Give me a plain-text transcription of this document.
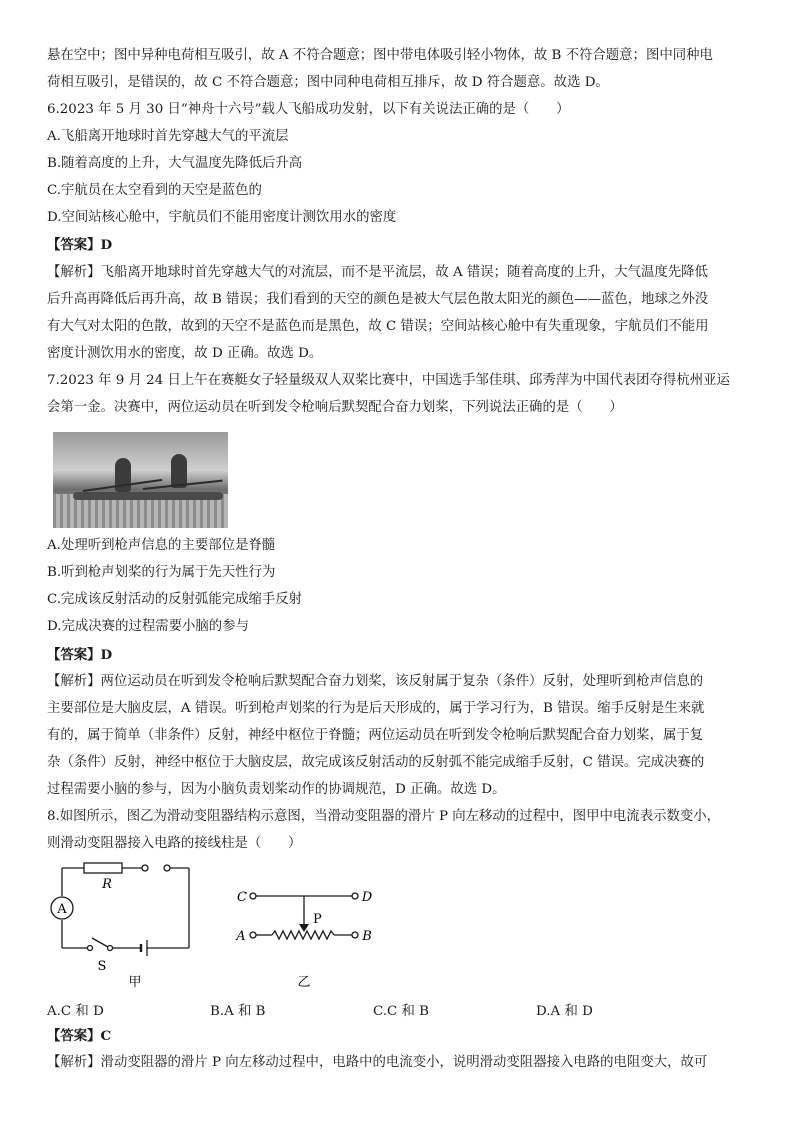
悬在空中；图中异种电荷相互吸引，故 A 不符合题意；图中带电体吸引轻小物体，故 B 不符合题意；图中同种电
荷相互吸引，是错误的，故 C 不符合题意；图中同种电荷相互排斥，故 D 符合题意。故选 D。
6.2023 年 5 月 30 日“神舟十六号”载人飞船成功发射，以下有关说法正确的是（　　）
A.飞船离开地球时首先穿越大气的平流层
B.随着高度的上升，大气温度先降低后升高
C.宇航员在太空看到的天空是蓝色的
D.空间站核心舱中，宇航员们不能用密度计测饮用水的密度
【答案】D
【解析】飞船离开地球时首先穿越大气的对流层，而不是平流层，故 A 错误；随着高度的上升，大气温度先降低
后升高再降低后再升高，故 B 错误；我们看到的天空的颜色是被大气层色散太阳光的颜色——蓝色，地球之外没
有大气对太阳的色散，故到的天空不是蓝色而是黑色，故 C 错误；空间站核心舱中有失重现象，宇航员们不能用
密度计测饮用水的密度，故 D 正确。故选 D。
7.2023 年 9 月 24 日上午在赛艇女子轻量级双人双桨比赛中，中国选手邹佳琪、邱秀萍为中国代表团夺得杭州亚运
会第一金。决赛中，两位运动员在听到发令枪响后默契配合奋力划桨，下列说法正确的是（　　）
A.处理听到枪声信息的主要部位是脊髓
B.听到枪声划桨的行为属于先天性行为
C.完成该反射活动的反射弧能完成缩手反射
D.完成决赛的过程需要小脑的参与
【答案】D
【解析】两位运动员在听到发令枪响后默契配合奋力划桨，该反射属于复杂（条件）反射，处理听到枪声信息的
主要部位是大脑皮层，A 错误。听到枪声划桨的行为是后天形成的，属于学习行为，B 错误。缩手反射是生来就
有的，属于简单（非条件）反射，神经中枢位于脊髓；两位运动员在听到发令枪响后默契配合奋力划桨，属于复
杂（条件）反射，神经中枢位于大脑皮层，故完成该反射活动的反射弧不能完成缩手反射，C 错误。完成决赛的
过程需要小脑的参与，因为小脑负责划桨动作的协调规范，D 正确。故选 D。
8.如图所示，图乙为滑动变阻器结构示意图，当滑动变阻器的滑片 P 向左移动的过程中，图甲中电流表示数变小，
则滑动变阻器接入电路的接线柱是（　　）
A
R
S
甲
C	D
A	B
P
乙
A.C 和 D	B.A 和 B	C.C 和 B	D.A 和 D
【答案】C
【解析】滑动变阻器的滑片 P 向左移动过程中，电路中的电流变小，说明滑动变阻器接入电路的电阻变大，故可
